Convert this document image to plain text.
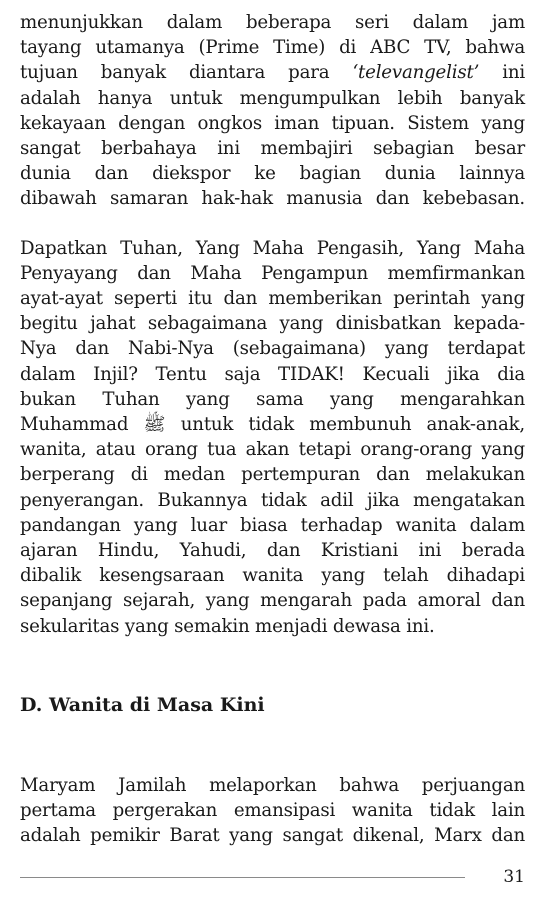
menunjukkan dalam beberapa seri dalam jam
tayang utamanya (Prime Time) di ABC TV, bahwa
tujuan banyak diantara para ‘televangelist’ ini
adalah hanya untuk mengumpulkan lebih banyak
kekayaan dengan ongkos iman tipuan. Sistem yang
sangat berbahaya ini membajiri sebagian besar
dunia dan diekspor ke bagian dunia lainnya
dibawah samaran hak-hak manusia dan kebebasan.
Dapatkan Tuhan, Yang Maha Pengasih, Yang Maha
Penyayang dan Maha Pengampun memfirmankan
ayat-ayat seperti itu dan memberikan perintah yang
begitu jahat sebagaimana yang dinisbatkan kepada-
Nya dan Nabi-Nya (sebagaimana) yang terdapat
dalam Injil? Tentu saja TIDAK! Kecuali jika dia
bukan Tuhan yang sama yang mengarahkan
Muhammad ﷺ untuk tidak membunuh anak-anak,
wanita, atau orang tua akan tetapi orang-orang yang
berperang di medan pertempuran dan melakukan
penyerangan. Bukannya tidak adil jika mengatakan
pandangan yang luar biasa terhadap wanita dalam
ajaran Hindu, Yahudi, dan Kristiani ini berada
dibalik kesengsaraan wanita yang telah dihadapi
sepanjang sejarah, yang mengarah pada amoral dan
sekularitas yang semakin menjadi dewasa ini.
D. Wanita di Masa Kini
Maryam Jamilah melaporkan bahwa perjuangan
pertama pergerakan emansipasi wanita tidak lain
adalah pemikir Barat yang sangat dikenal, Marx dan
31
